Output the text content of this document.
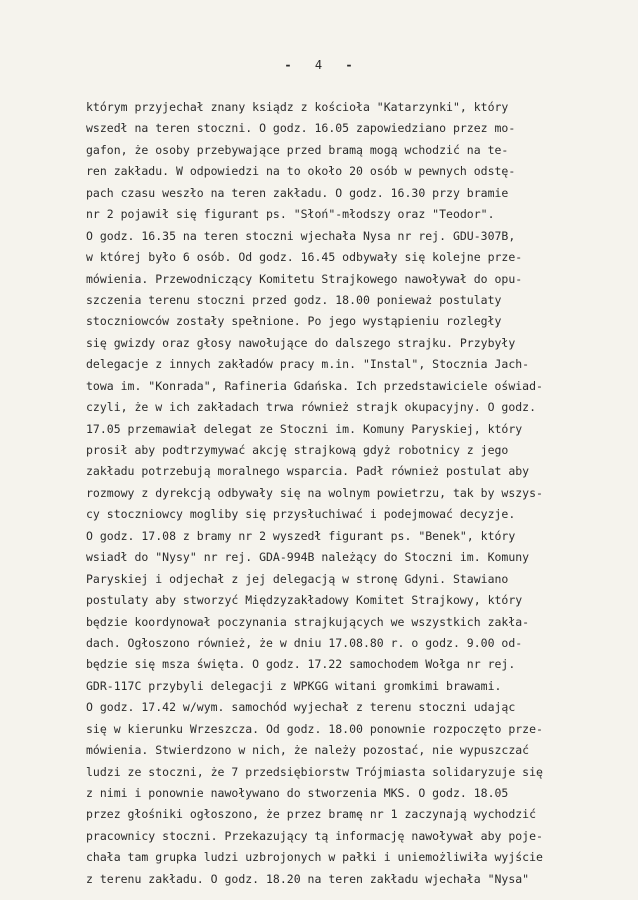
- 4 -
którym przyjechał znany ksiądz z kościoła "Katarzynki", który
wszedł na teren stoczni. O godz. 16.05 zapowiedziano przez mo-
gafon, że osoby przebywające przed bramą mogą wchodzić na te-
ren zakładu. W odpowiedzi na to około 20 osób w pewnych odstę-
pach czasu weszło na teren zakładu. O godz. 16.30 przy bramie
nr 2 pojawił się figurant ps. "Słoń"-młodszy oraz "Teodor".
O godz. 16.35 na teren stoczni wjechała Nysa nr rej. GDU-307B,
w której było 6 osób. Od godz. 16.45 odbywały się kolejne prze-
mówienia. Przewodniczący Komitetu Strajkowego nawoływał do opu-
szczenia terenu stoczni przed godz. 18.00 ponieważ postulaty
stoczniowców zostały spełnione. Po jego wystąpieniu rozległy
się gwizdy oraz głosy nawołujące do dalszego strajku. Przybyły
delegacje z innych zakładów pracy m.in. "Instal", Stocznia Jach-
towa im. "Konrada", Rafineria Gdańska. Ich przedstawiciele oświad-
czyli, że w ich zakładach trwa również strajk okupacyjny. O godz.
17.05 przemawiał delegat ze Stoczni im. Komuny Paryskiej, który
prosił aby podtrzymywać akcję strajkową gdyż robotnicy z jego
zakładu potrzebują moralnego wsparcia. Padł również postulat aby
rozmowy z dyrekcją odbywały się na wolnym powietrzu, tak by wszys-
cy stoczniowcy mogliby się przysłuchiwać i podejmować decyzje.
O godz. 17.08 z bramy nr 2 wyszedł figurant ps. "Benek", który
wsiadł do "Nysy" nr rej. GDA-994B należący do Stoczni im. Komuny
Paryskiej i odjechał z jej delegacją w stronę Gdyni. Stawiano
postulaty aby stworzyć Międzyzakładowy Komitet Strajkowy, który
będzie koordynował poczynania strajkujących we wszystkich zakła-
dach. Ogłoszono również, że w dniu 17.08.80 r. o godz. 9.00 od-
będzie się msza święta. O godz. 17.22 samochodem Wołga nr rej.
GDR-117C przybyli delegacji z WPKGG witani gromkimi brawami.
O godz. 17.42 w/wym. samochód wyjechał z terenu stoczni udając
się w kierunku Wrzeszcza. Od godz. 18.00 ponownie rozpoczęto prze-
mówienia. Stwierdzono w nich, że należy pozostać, nie wypuszczać
ludzi ze stoczni, że 7 przedsiębiorstw Trójmiasta solidaryzuje się
z nimi i ponownie nawoływano do stworzenia MKS. O godz. 18.05
przez głośniki ogłoszono, że przez bramę nr 1 zaczynają wychodzić
pracownicy stoczni. Przekazujący tą informację nawoływał aby poje-
chała tam grupka ludzi uzbrojonych w pałki i uniemożliwiła wyjście
z terenu zakładu. O godz. 18.20 na teren zakładu wjechała "Nysa"
